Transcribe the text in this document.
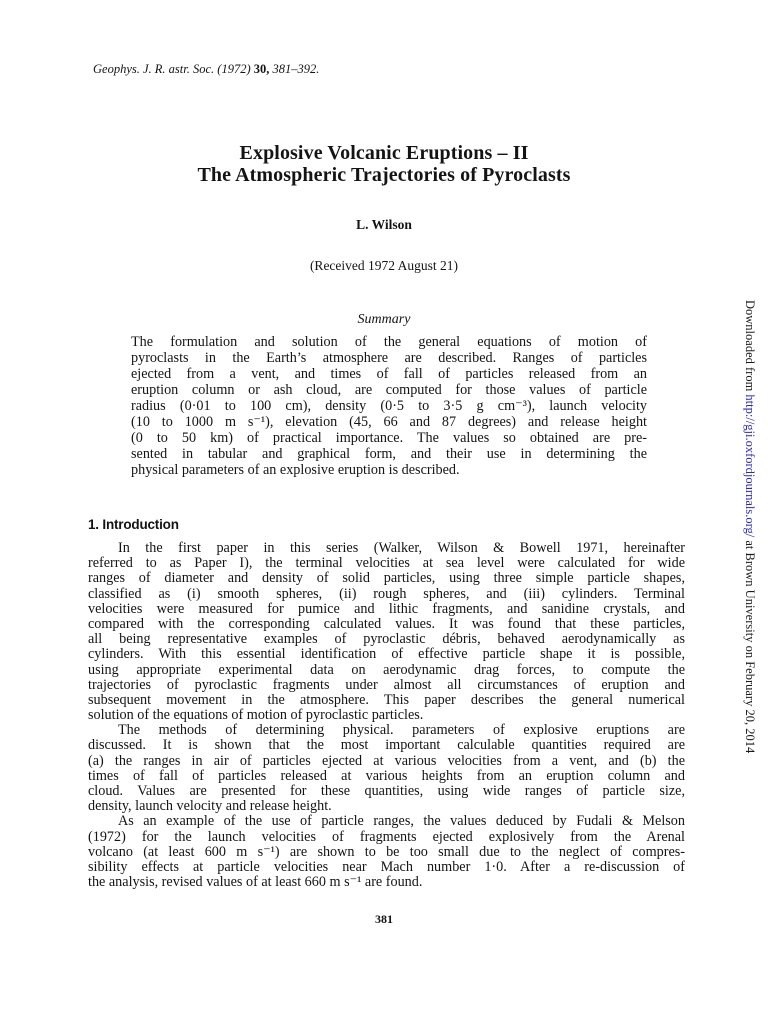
Geophys. J. R. astr. Soc. (1972) 30, 381–392.
Explosive Volcanic Eruptions – II
The Atmospheric Trajectories of Pyroclasts
L. Wilson
(Received 1972 August 21)
Summary
The formulation and solution of the general equations of motion of
pyroclasts in the Earth’s atmosphere are described. Ranges of particles
ejected from a vent, and times of fall of particles released from an
eruption column or ash cloud, are computed for those values of particle
radius (0·01 to 100 cm), density (0·5 to 3·5 g cm⁻³), launch velocity
(10 to 1000 m s⁻¹), elevation (45, 66 and 87 degrees) and release height
(0 to 50 km) of practical importance. The values so obtained are pre-
sented in tabular and graphical form, and their use in determining the
physical parameters of an explosive eruption is described.
1. Introduction
In the first paper in this series (Walker, Wilson & Bowell 1971, hereinafter
referred to as Paper I), the terminal velocities at sea level were calculated for wide
ranges of diameter and density of solid particles, using three simple particle shapes,
classified as (i) smooth spheres, (ii) rough spheres, and (iii) cylinders. Terminal
velocities were measured for pumice and lithic fragments, and sanidine crystals, and
compared with the corresponding calculated values. It was found that these particles,
all being representative examples of pyroclastic débris, behaved aerodynamically as
cylinders. With this essential identification of effective particle shape it is possible,
using appropriate experimental data on aerodynamic drag forces, to compute the
trajectories of pyroclastic fragments under almost all circumstances of eruption and
subsequent movement in the atmosphere. This paper describes the general numerical
solution of the equations of motion of pyroclastic particles.
The methods of determining physical. parameters of explosive eruptions are
discussed. It is shown that the most important calculable quantities required are
(a) the ranges in air of particles ejected at various velocities from a vent, and (b) the
times of fall of particles released at various heights from an eruption column and
cloud. Values are presented for these quantities, using wide ranges of particle size,
density, launch velocity and release height.
As an example of the use of particle ranges, the values deduced by Fudali & Melson
(1972) for the launch velocities of fragments ejected explosively from the Arenal
volcano (at least 600 m s⁻¹) are shown to be too small due to the neglect of compres-
sibility effects at particle velocities near Mach number 1·0. After a re-discussion of
the analysis, revised values of at least 660 m s⁻¹ are found.
381
Downloaded from http://gji.oxfordjournals.org/ at Brown University on February 20, 2014
